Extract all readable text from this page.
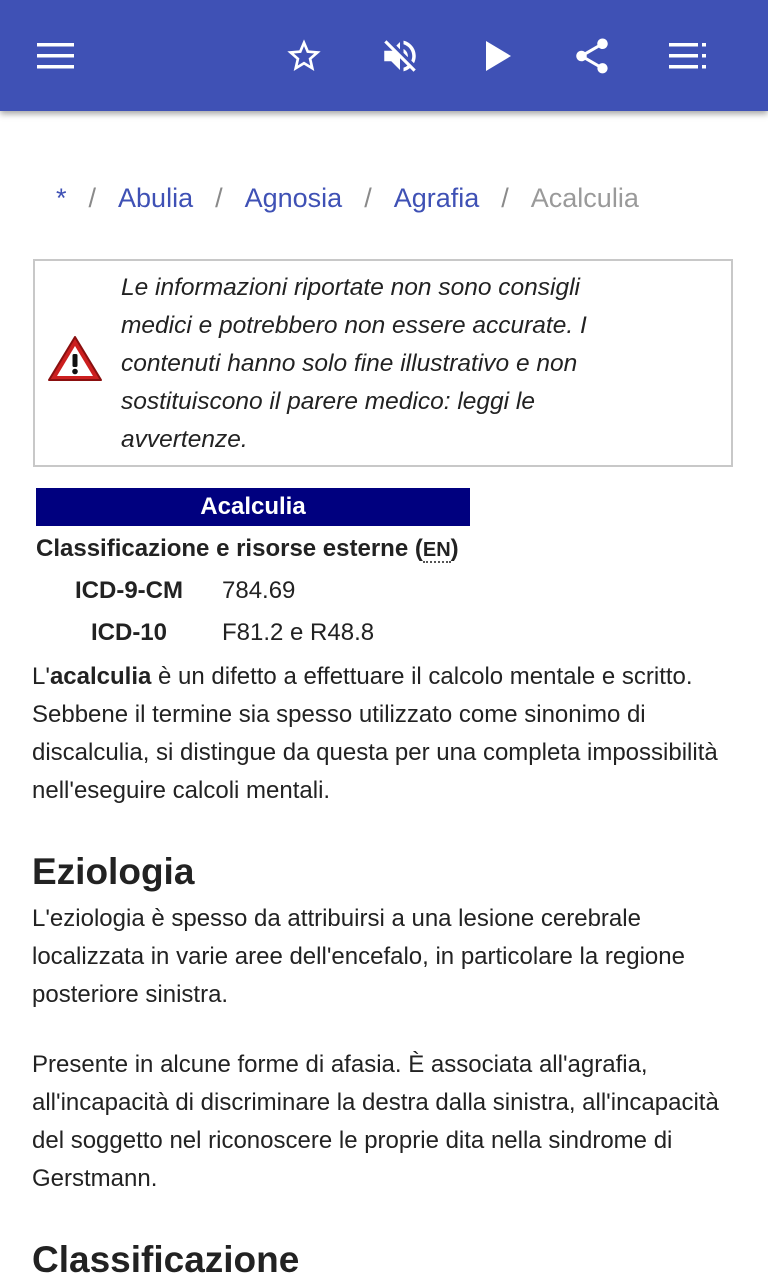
* / Abulia / Agnosia / Agrafia / Acalculia
Le informazioni riportate non sono consigli medici e potrebbero non essere accurate. I contenuti hanno solo fine illustrativo e non sostituiscono il parere medico: leggi le avvertenze.
Acalculia
Classificazione e risorse esterne (EN)
ICD-9-CM	784.69
ICD-10	F81.2 e R48.8

L'acalculia è un difetto a effettuare il calcolo mentale e scritto. Sebbene il termine sia spesso utilizzato come sinonimo di discalculia, si distingue da questa per una completa impossibilità nell'eseguire calcoli mentali.

Eziologia

L'eziologia è spesso da attribuirsi a una lesione cerebrale localizzata in varie aree dell'encefalo, in particolare la regione posteriore sinistra.

Presente in alcune forme di afasia. È associata all'agrafia, all'incapacità di discriminare la destra dalla sinistra, all'incapacità del soggetto nel riconoscere le proprie dita nella sindrome di Gerstmann.

Classificazione
